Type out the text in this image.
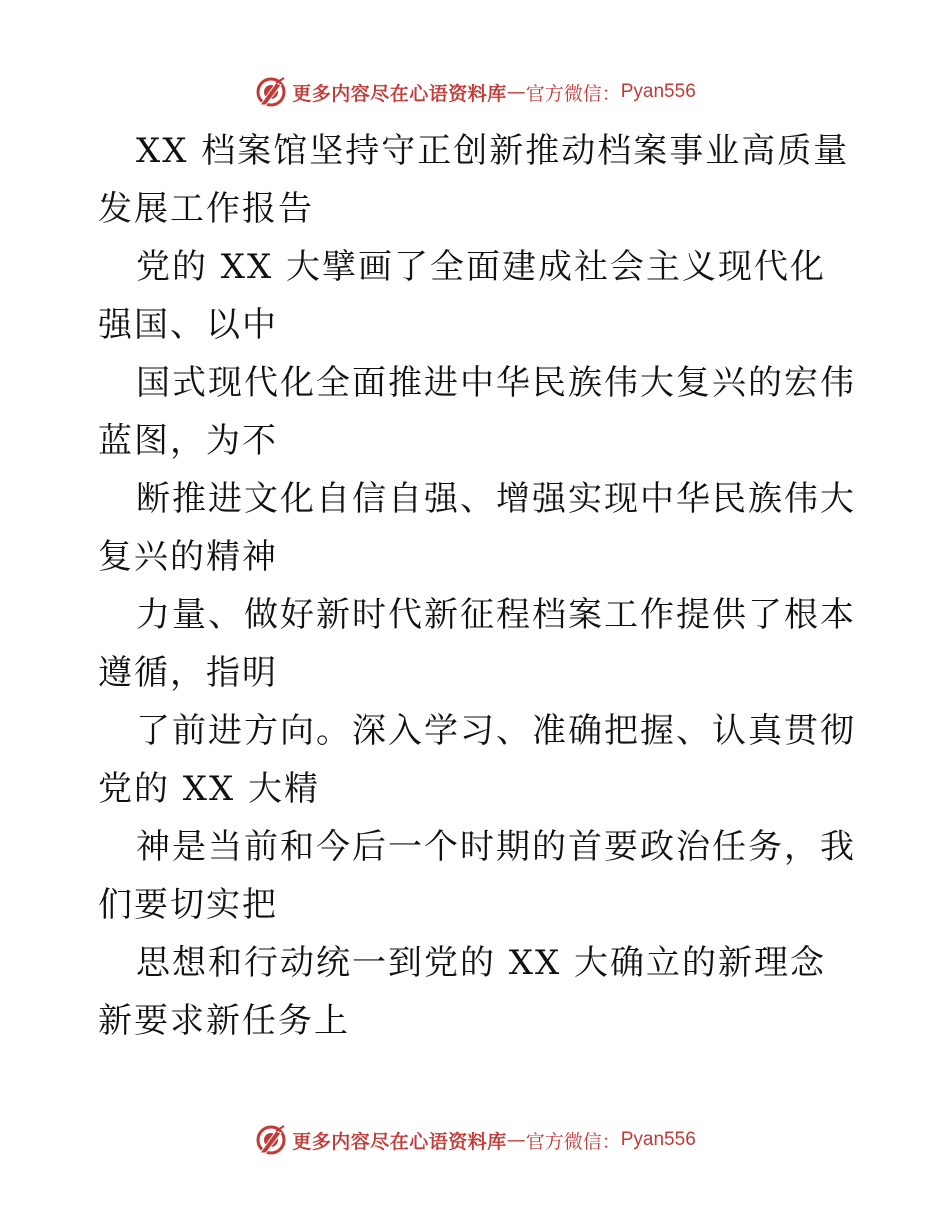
更多内容尽在心语资料库 — 官方微信： Pyan556

XX 档案馆坚持守正创新推动档案事业高质量发展工作报告

党的 XX 大擘画了全面建成社会主义现代化强国、以中

国式现代化全面推进中华民族伟大复兴的宏伟蓝图，为不

断推进文化自信自强、增强实现中华民族伟大复兴的精神

力量、做好新时代新征程档案工作提供了根本遵循，指明

了前进方向。深入学习、准确把握、认真贯彻党的 XX 大精

神是当前和今后一个时期的首要政治任务，我们要切实把

思想和行动统一到党的 XX 大确立的新理念新要求新任务上

更多内容尽在心语资料库 — 官方微信： Pyan556
